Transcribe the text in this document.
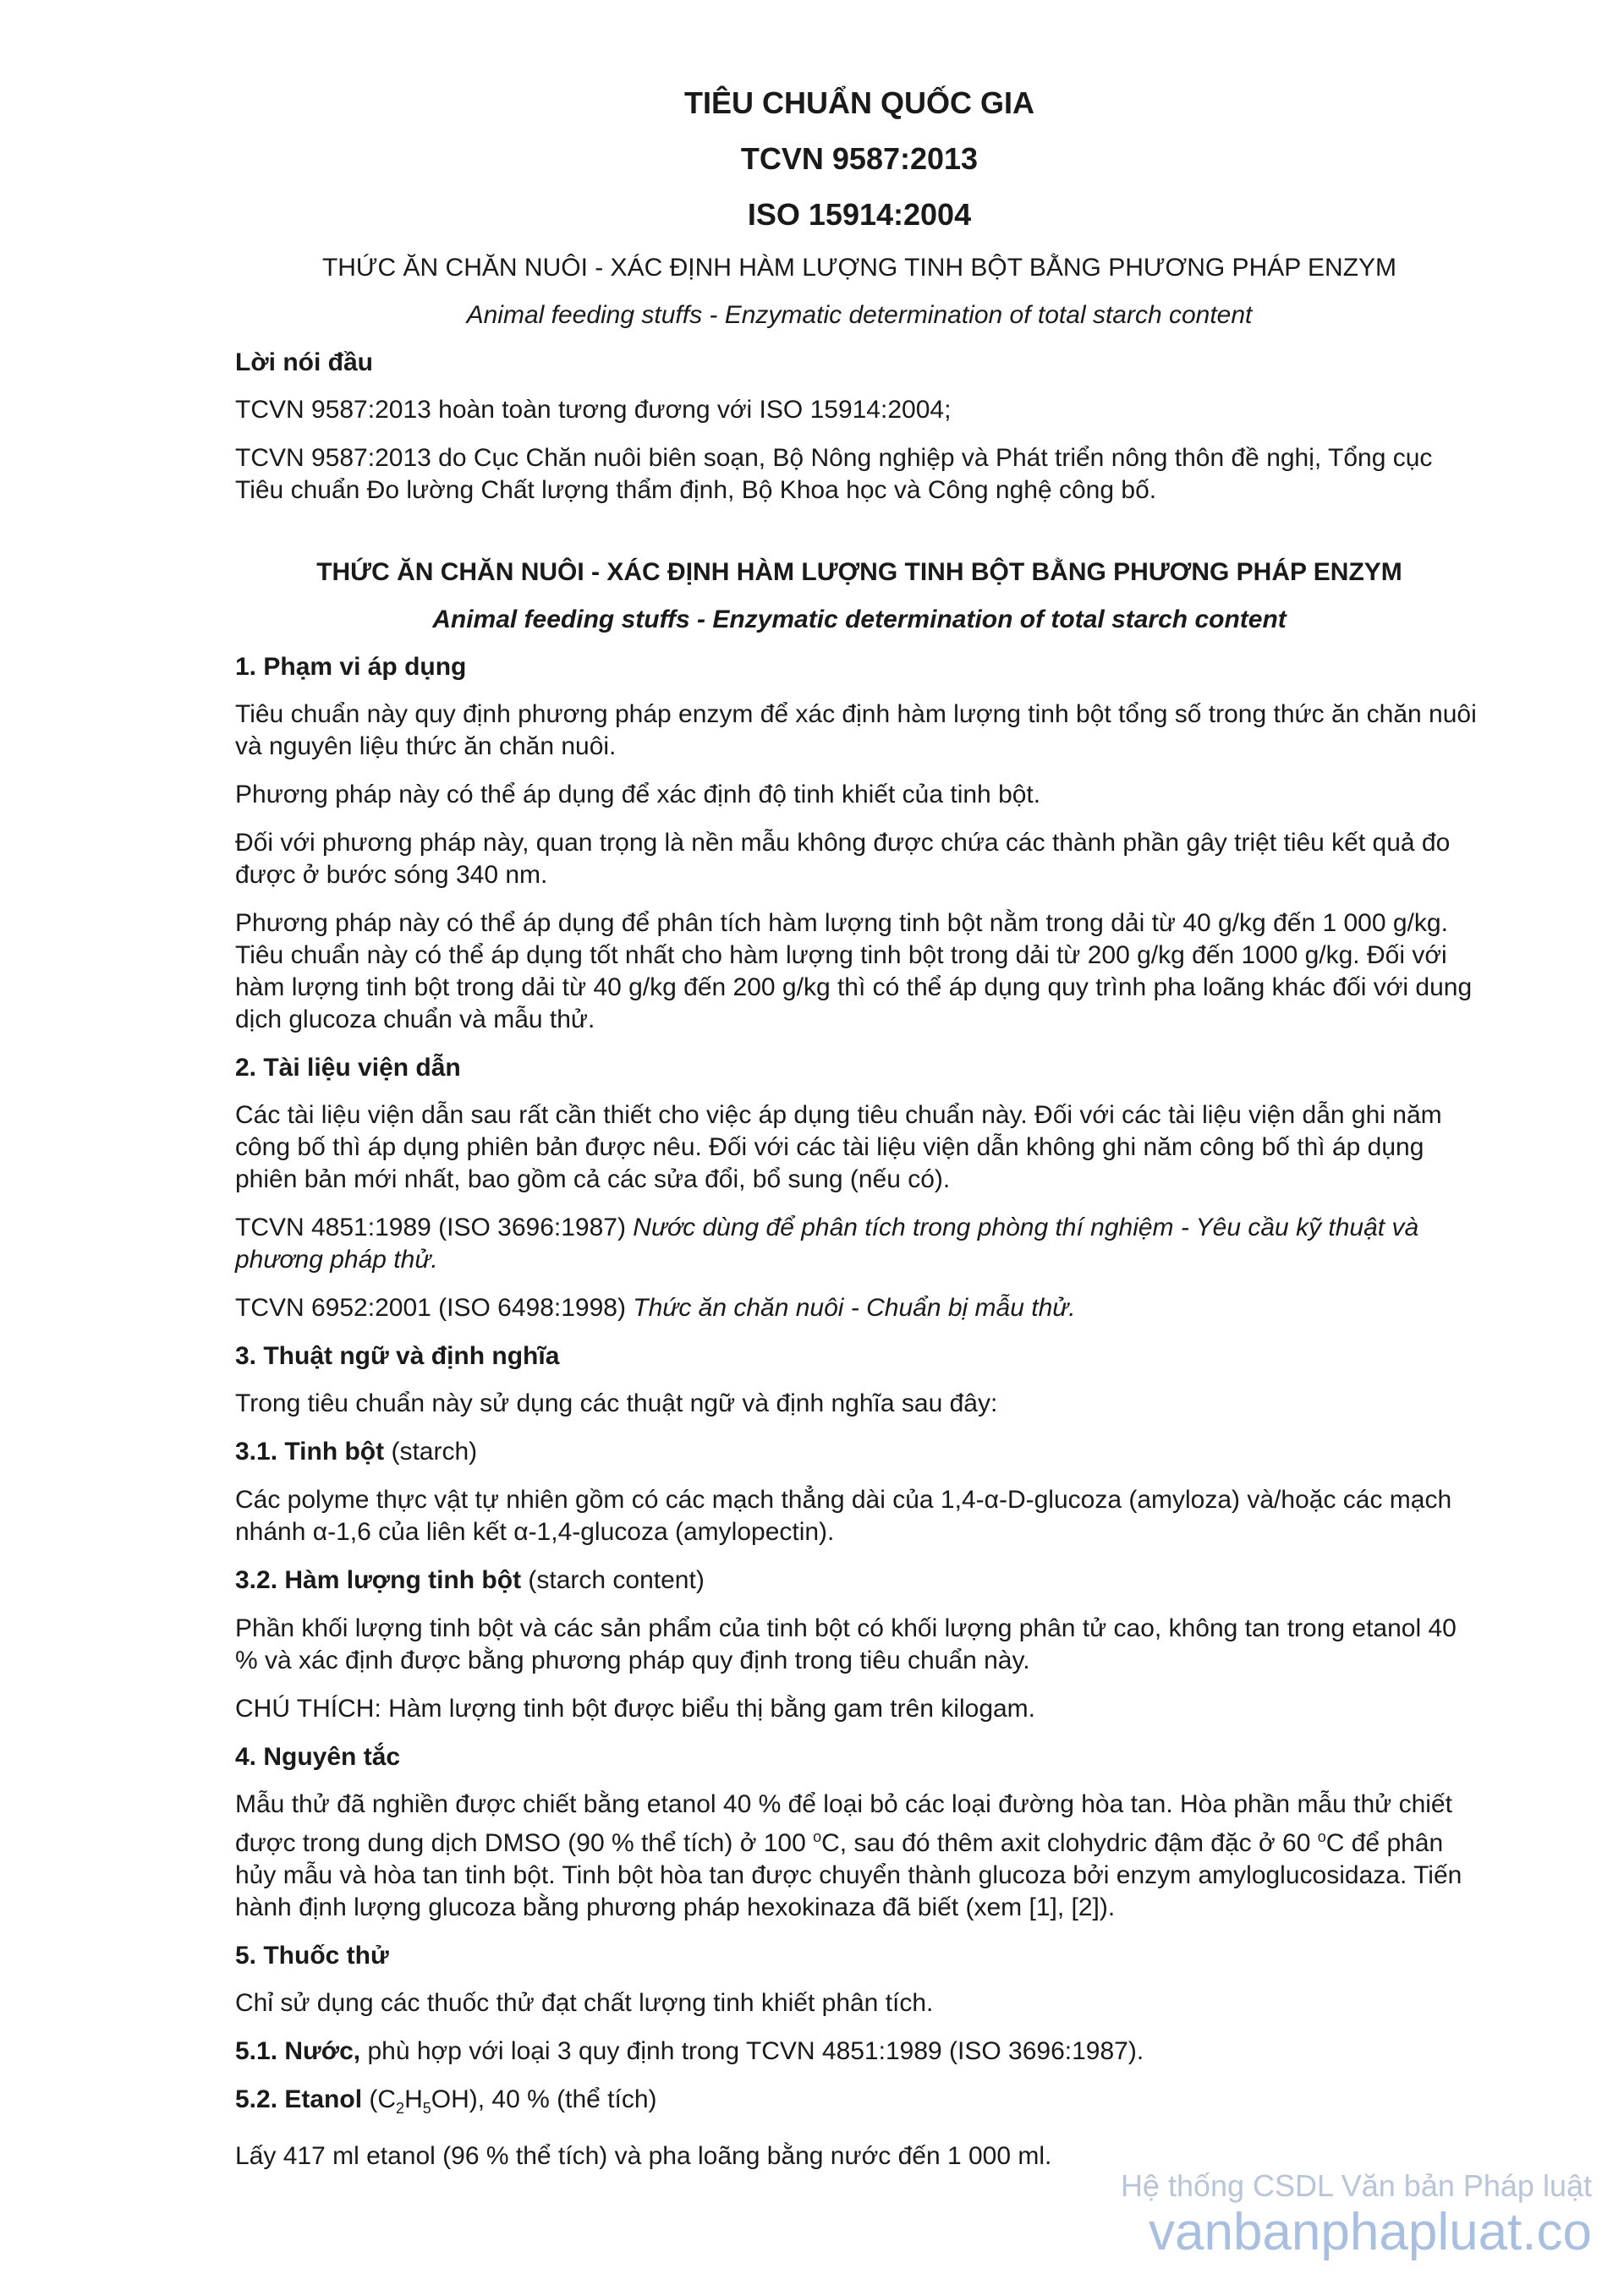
TIÊU CHUẨN QUỐC GIA
TCVN 9587:2013
ISO 15914:2004
THỨC ĂN CHĂN NUÔI - XÁC ĐỊNH HÀM LƯỢNG TINH BỘT BẰNG PHƯƠNG PHÁP ENZYM
Animal feeding stuffs - Enzymatic determination of total starch content
Lời nói đầu

TCVN 9587:2013 hoàn toàn tương đương với ISO 15914:2004;

TCVN 9587:2013 do Cục Chăn nuôi biên soạn, Bộ Nông nghiệp và Phát triển nông thôn đề nghị, Tổng cục Tiêu chuẩn Đo lường Chất lượng thẩm định, Bộ Khoa học và Công nghệ công bố.

THỨC ĂN CHĂN NUÔI - XÁC ĐỊNH HÀM LƯỢNG TINH BỘT BẰNG PHƯƠNG PHÁP ENZYM
Animal feeding stuffs - Enzymatic determination of total starch content
1. Phạm vi áp dụng

Tiêu chuẩn này quy định phương pháp enzym để xác định hàm lượng tinh bột tổng số trong thức ăn chăn nuôi và nguyên liệu thức ăn chăn nuôi.

Phương pháp này có thể áp dụng để xác định độ tinh khiết của tinh bột.

Đối với phương pháp này, quan trọng là nền mẫu không được chứa các thành phần gây triệt tiêu kết quả đo được ở bước sóng 340 nm.

Phương pháp này có thể áp dụng để phân tích hàm lượng tinh bột nằm trong dải từ 40 g/kg đến 1 000 g/kg. Tiêu chuẩn này có thể áp dụng tốt nhất cho hàm lượng tinh bột trong dải từ 200 g/kg đến 1000 g/kg. Đối với hàm lượng tinh bột trong dải từ 40 g/kg đến 200 g/kg thì có thể áp dụng quy trình pha loãng khác đối với dung dịch glucoza chuẩn và mẫu thử.

2. Tài liệu viện dẫn

Các tài liệu viện dẫn sau rất cần thiết cho việc áp dụng tiêu chuẩn này. Đối với các tài liệu viện dẫn ghi năm công bố thì áp dụng phiên bản được nêu. Đối với các tài liệu viện dẫn không ghi năm công bố thì áp dụng phiên bản mới nhất, bao gồm cả các sửa đổi, bổ sung (nếu có).

TCVN 4851:1989 (ISO 3696:1987) Nước dùng để phân tích trong phòng thí nghiệm - Yêu cầu kỹ thuật và phương pháp thử.

TCVN 6952:2001 (ISO 6498:1998) Thức ăn chăn nuôi - Chuẩn bị mẫu thử.

3. Thuật ngữ và định nghĩa

Trong tiêu chuẩn này sử dụng các thuật ngữ và định nghĩa sau đây:

3.1. Tinh bột (starch)

Các polyme thực vật tự nhiên gồm có các mạch thẳng dài của 1,4-α-D-glucoza (amyloza) và/hoặc các mạch nhánh α-1,6 của liên kết α-1,4-glucoza (amylopectin).

3.2. Hàm lượng tinh bột (starch content)

Phần khối lượng tinh bột và các sản phẩm của tinh bột có khối lượng phân tử cao, không tan trong etanol 40 % và xác định được bằng phương pháp quy định trong tiêu chuẩn này.

CHÚ THÍCH: Hàm lượng tinh bột được biểu thị bằng gam trên kilogam.

4. Nguyên tắc

Mẫu thử đã nghiền được chiết bằng etanol 40 % để loại bỏ các loại đường hòa tan. Hòa phần mẫu thử chiết được trong dung dịch DMSO (90 % thể tích) ở 100 $^o$C, sau đó thêm axit clohydric đậm đặc ở 60 $^o$C để phân hủy mẫu và hòa tan tinh bột. Tinh bột hòa tan được chuyển thành glucoza bởi enzym amyloglucosidaza. Tiến hành định lượng glucoza bằng phương pháp hexokinaza đã biết (xem [1], [2]).

5. Thuốc thử

Chỉ sử dụng các thuốc thử đạt chất lượng tinh khiết phân tích.

5.1. Nước, phù hợp với loại 3 quy định trong TCVN 4851:1989 (ISO 3696:1987).

5.2. Etanol $(C_2H_5OH)$, 40 % (thể tích)

Lấy 417 ml etanol (96 % thể tích) và pha loãng bằng nước đến 1 000 ml.

Hệ thống CSDL Văn bản Pháp luật
vanbanphapluat.co
